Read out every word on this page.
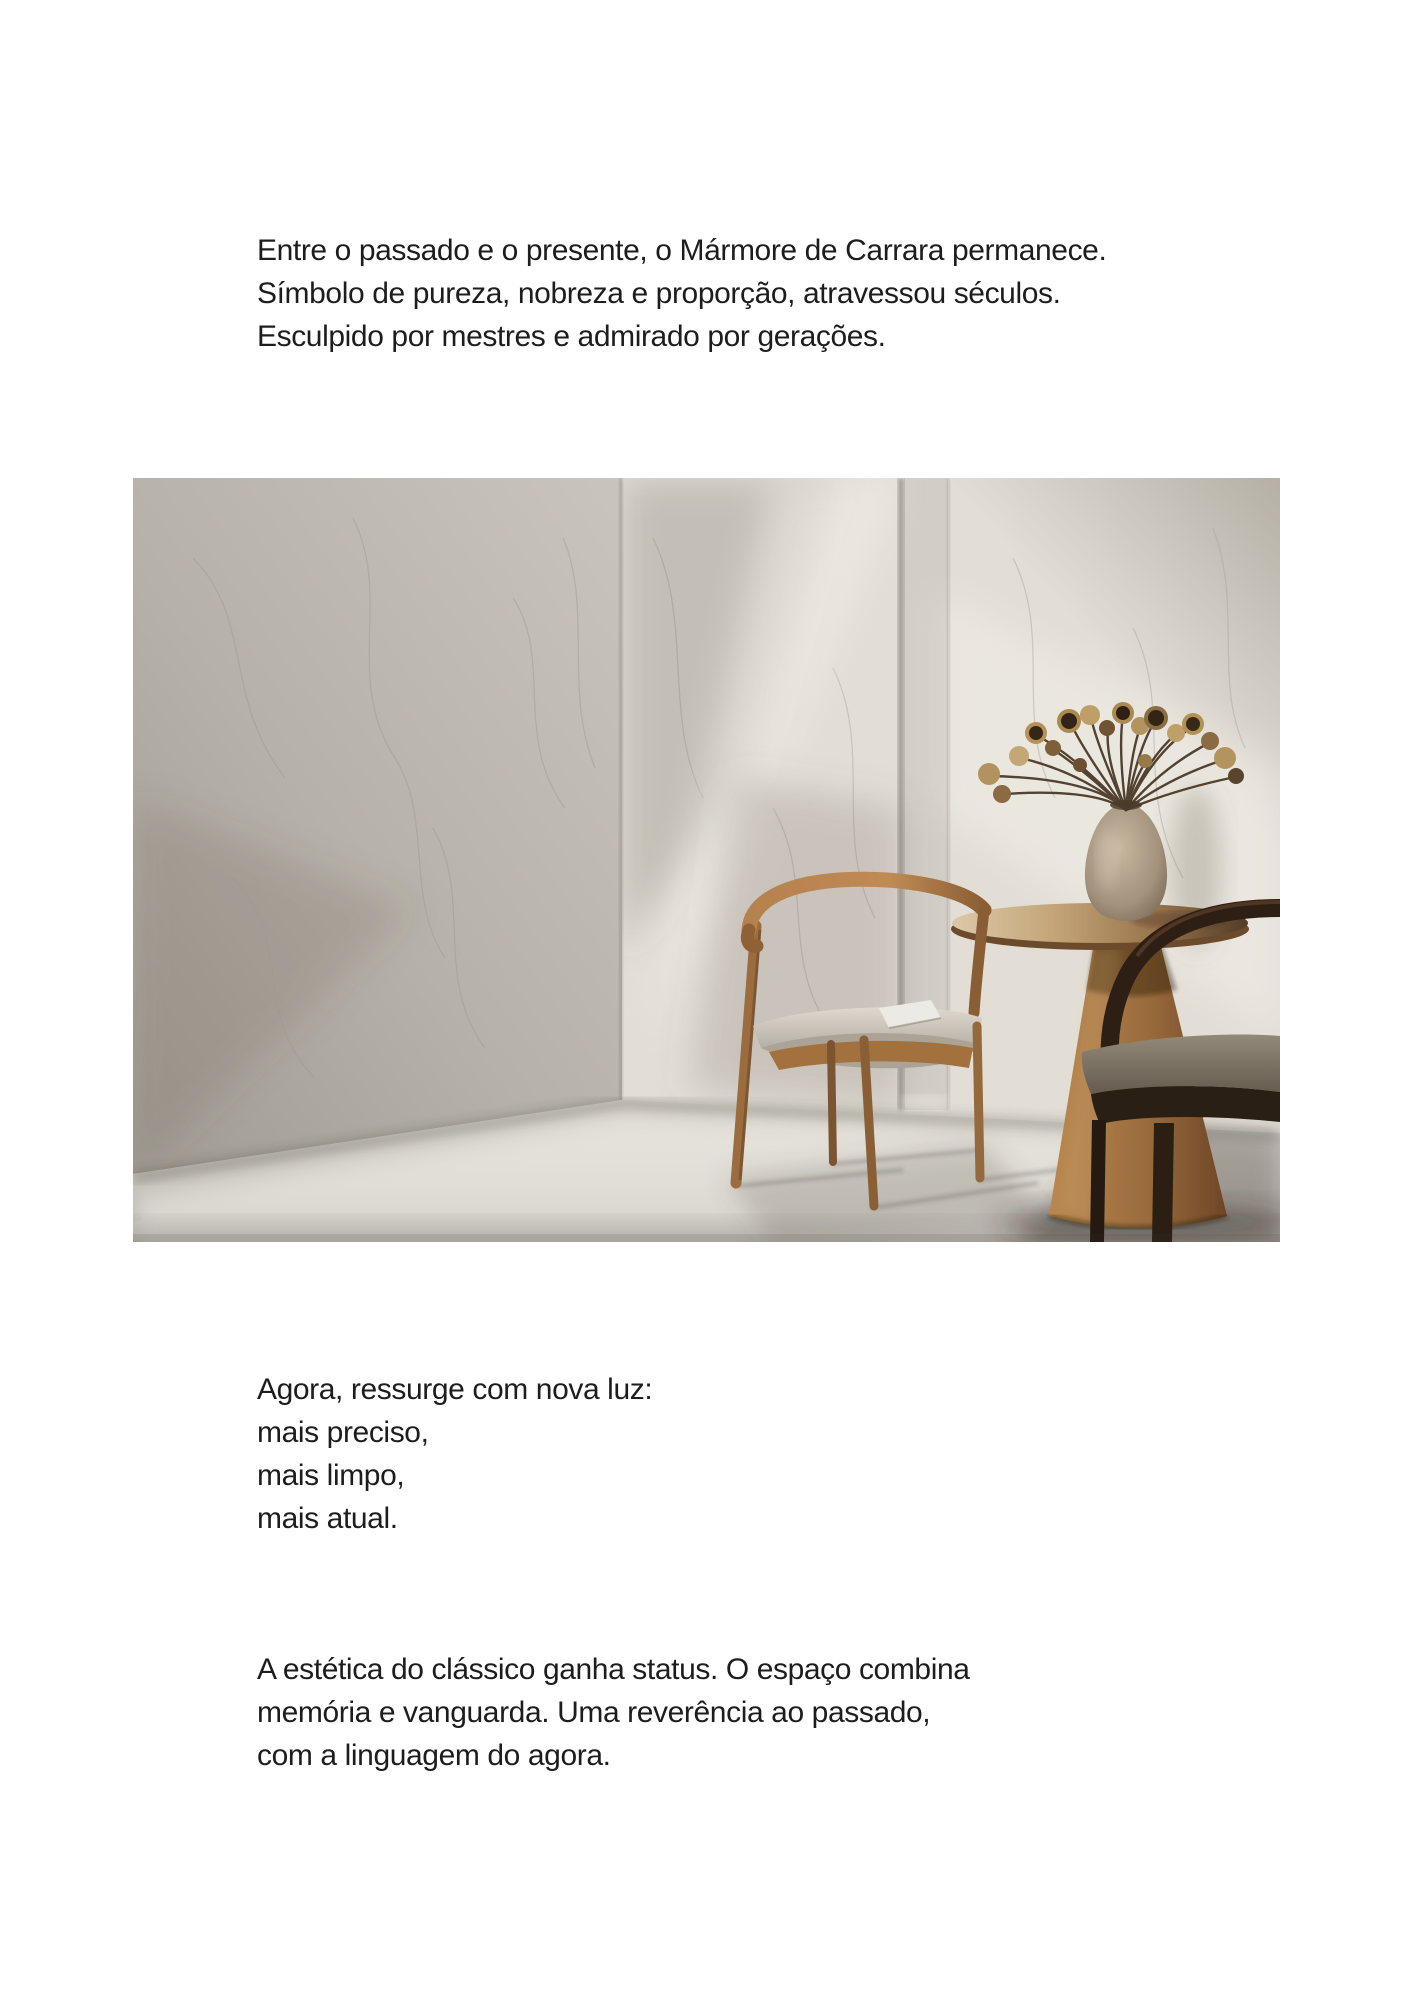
Entre o passado e o presente, o Mármore de Carrara permanece.

Símbolo de pureza, nobreza e proporção, atravessou séculos.

Esculpido por mestres e admirado por gerações.

Agora, ressurge com nova luz:

mais preciso,

mais limpo,

mais atual.

A estética do clássico ganha status. O espaço combina

memória e vanguarda. Uma reverência ao passado,

com a linguagem do agora.
